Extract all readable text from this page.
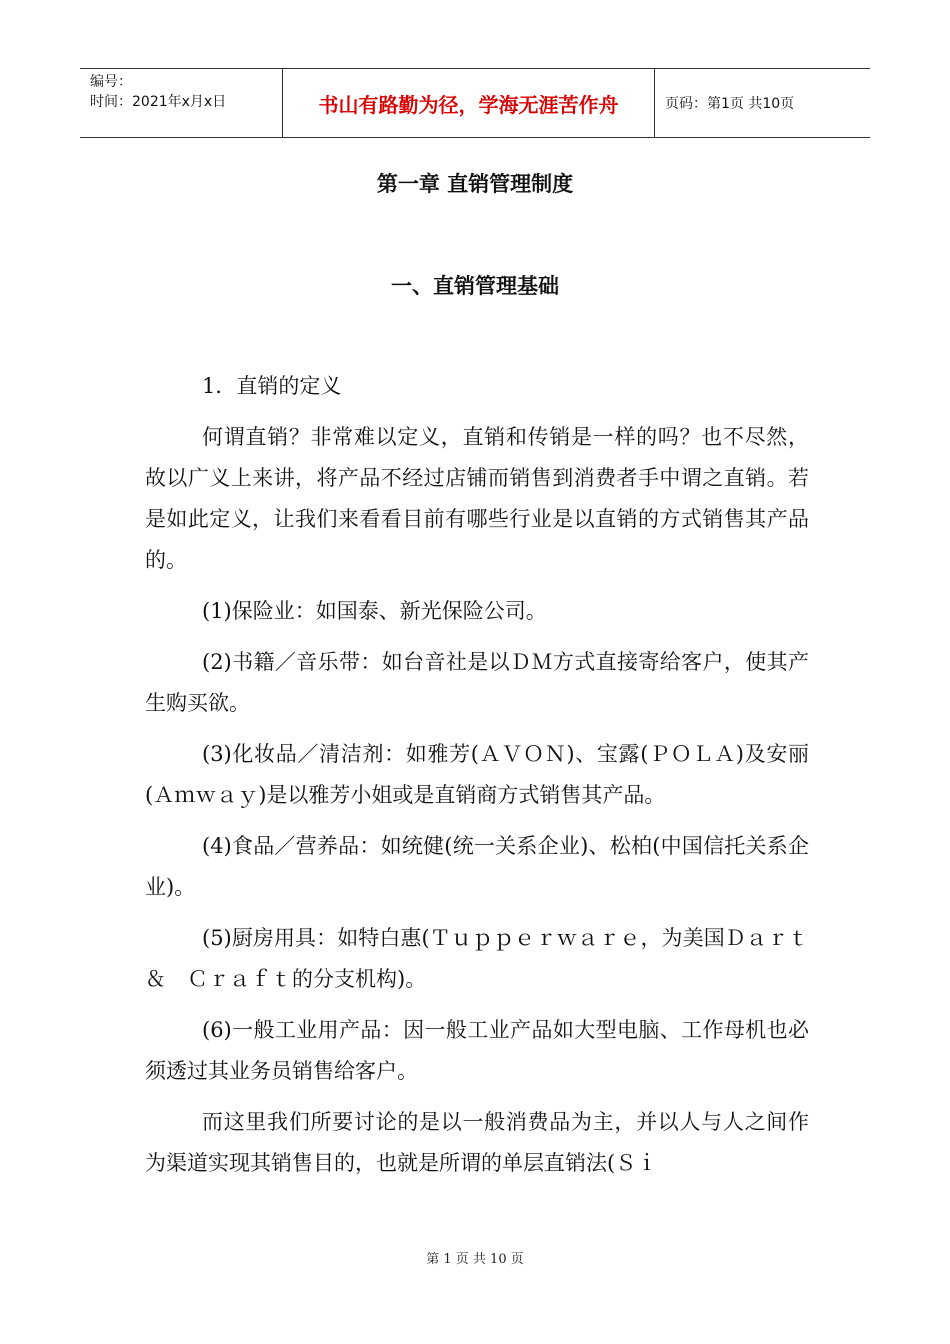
编号：
时间：2021年x月x日	书山有路勤为径，学海无涯苦作舟	页码：第1页 共10页
第一章 直销管理制度
一、直销管理基础

1．直销的定义

何谓直销？非常难以定义，直销和传销是一样的吗？也不尽然，故以广义上来讲，将产品不经过店铺而销售到消费者手中谓之直销。若是如此定义，让我们来看看目前有哪些行业是以直销的方式销售其产品的。

(1)保险业：如国泰、新光保险公司。

(2)书籍／音乐带：如台音社是以ＤＭ方式直接寄给客户，使其产生购买欲。

(3)化妆品／清洁剂：如雅芳(ＡＶＯＮ)、宝露(ＰＯＬＡ)及安丽(Ａｍｗａｙ)是以雅芳小姐或是直销商方式销售其产品。

(4)食品／营养品：如统健(统一关系企业)、松柏(中国信托关系企业)。

(5)厨房用具：如特白惠(Ｔｕｐｐｅｒｗａｒｅ，为美国Ｄａｒｔ　＆　Ｃｒａｆｔ的分支机构)。

(6)一般工业用产品：因一般工业产品如大型电脑、工作母机也必须透过其业务员销售给客户。

而这里我们所要讨论的是以一般消费品为主，并以人与人之间作为渠道实现其销售目的，也就是所谓的单层直销法(Ｓｉ

第 1 页 共 10 页
